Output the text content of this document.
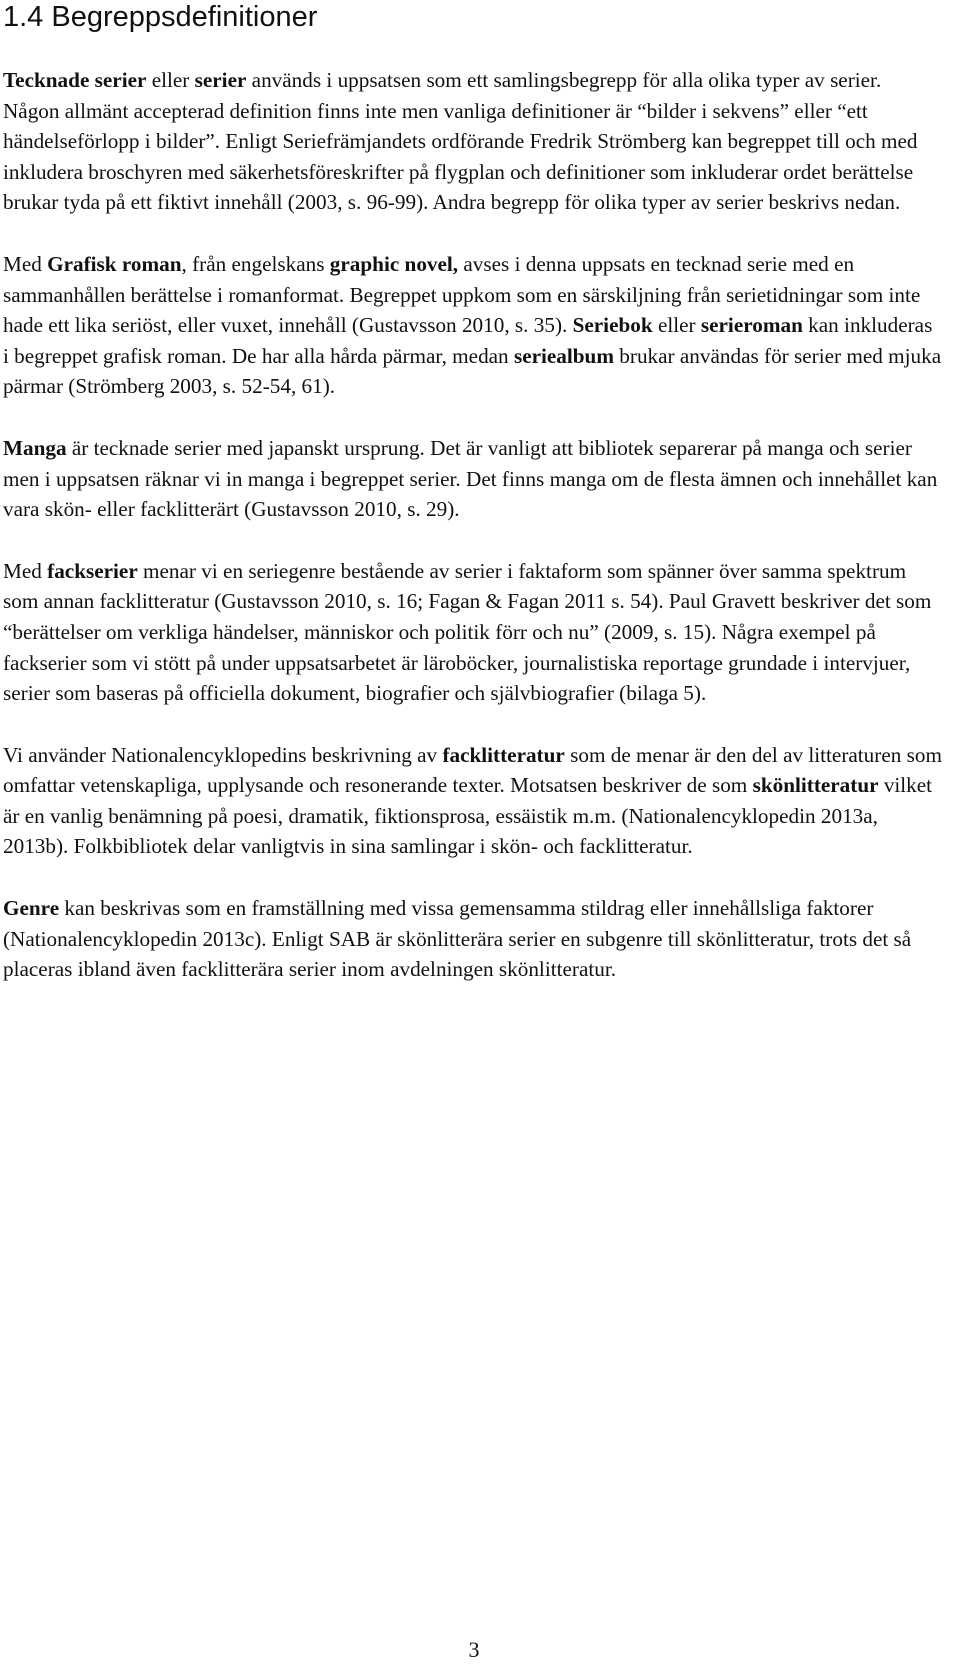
1.4 Begreppsdefinitioner

Tecknade serier eller serier används i uppsatsen som ett samlingsbegrepp för alla olika typer av serier. Någon allmänt accepterad definition finns inte men vanliga definitioner är “bilder i sekvens” eller “ett händelseförlopp i bilder”. Enligt Seriefrämjandets ordförande Fredrik Strömberg kan begreppet till och med inkludera broschyren med säkerhetsföreskrifter på flygplan och definitioner som inkluderar ordet berättelse brukar tyda på ett fiktivt innehåll (2003, s. 96-99). Andra begrepp för olika typer av serier beskrivs nedan.

Med Grafisk roman, från engelskans graphic novel, avses i denna uppsats en tecknad serie med en sammanhållen berättelse i romanformat. Begreppet uppkom som en särskiljning från serietidningar som inte hade ett lika seriöst, eller vuxet, innehåll (Gustavsson 2010, s. 35). Seriebok eller serieroman kan inkluderas i begreppet grafisk roman. De har alla hårda pärmar, medan seriealbum brukar användas för serier med mjuka pärmar (Strömberg 2003, s. 52-54, 61).

Manga är tecknade serier med japanskt ursprung. Det är vanligt att bibliotek separerar på manga och serier men i uppsatsen räknar vi in manga i begreppet serier. Det finns manga om de flesta ämnen och innehållet kan vara skön- eller facklitterärt (Gustavsson 2010, s. 29).

Med fackserier menar vi en seriegenre bestående av serier i faktaform som spänner över samma spektrum som annan facklitteratur (Gustavsson 2010, s. 16; Fagan & Fagan 2011 s. 54). Paul Gravett beskriver det som “berättelser om verkliga händelser, människor och politik förr och nu” (2009, s. 15). Några exempel på fackserier som vi stött på under uppsatsarbetet är läroböcker, journalistiska reportage grundade i intervjuer, serier som baseras på officiella dokument, biografier och självbiografier (bilaga 5).

Vi använder Nationalencyklopedins beskrivning av facklitteratur som de menar är den del av litteraturen som omfattar vetenskapliga, upplysande och resonerande texter. Motsatsen beskriver de som skönlitteratur vilket är en vanlig benämning på poesi, dramatik, fiktionsprosa, essäistik m.m. (Nationalencyklopedin 2013a, 2013b). Folkbibliotek delar vanligtvis in sina samlingar i skön- och facklitteratur.

Genre kan beskrivas som en framställning med vissa gemensamma stildrag eller innehållsliga faktorer (Nationalencyklopedin 2013c). Enligt SAB är skönlitterära serier en subgenre till skönlitteratur, trots det så placeras ibland även facklitterära serier inom avdelningen skönlitteratur.

3
